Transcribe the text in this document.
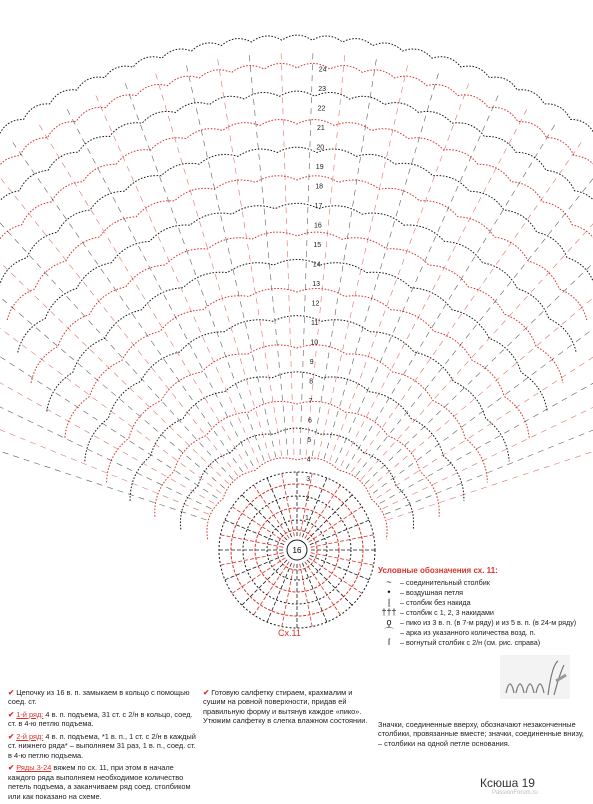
1
2
3
4
5
6
7
8
9
10
11
12
13
14
15
16
17
18
19
20
21
22
23
24
16
Сх.11
Условные обозначения сх. 11:
~	– соединительный столбик
•	– воздушная петля
|	– столбик без накида
††† – столбик с 1, 2, 3 накидами
ϙ	– пико из 3 в. п. (в 7-м ряду) и из 5 в. п. (в 24-м ряду)
⌒ – арка из указанного количества возд. п.
ſ	– вогнутый столбик с 2/н (см. рис. справа)

✔ Цепочку из 16 в. п. замыкаем в кольцо с помощью соед. ст.

✔ 1-й ряд: 4 в. п. подъема, 31 ст. с 2/н в кольцо, соед. ст. в 4-ю петлю подъема.

✔ 2-й ряд: 4 в. п. подъема, *1 в. п., 1 ст. с 2/н в каждый ст. нижнего ряда* – выполняем 31 раз, 1 в. п., соед. ст. в 4-ю петлю подъема.

✔ Ряды 3-24 вяжем по сх. 11, при этом в начале каждого ряда выполняем необходимое количество петель подъема, а заканчиваем ряд соед. столбиком или как показано на схеме.

✔ Готовую салфетку стираем, крахмалим и сушим на ровной поверхности, придав ей правильную форму и вытянув каждое «пико». Утюжим салфетку в слегка влажном состоянии.	Значки, соединенные вверху, обозначают незаконченные столбики, провязанные вместе; значки, соединенные внизу, – столбики на одной петле основания.

Ксюша 19
PassionForum.ru
